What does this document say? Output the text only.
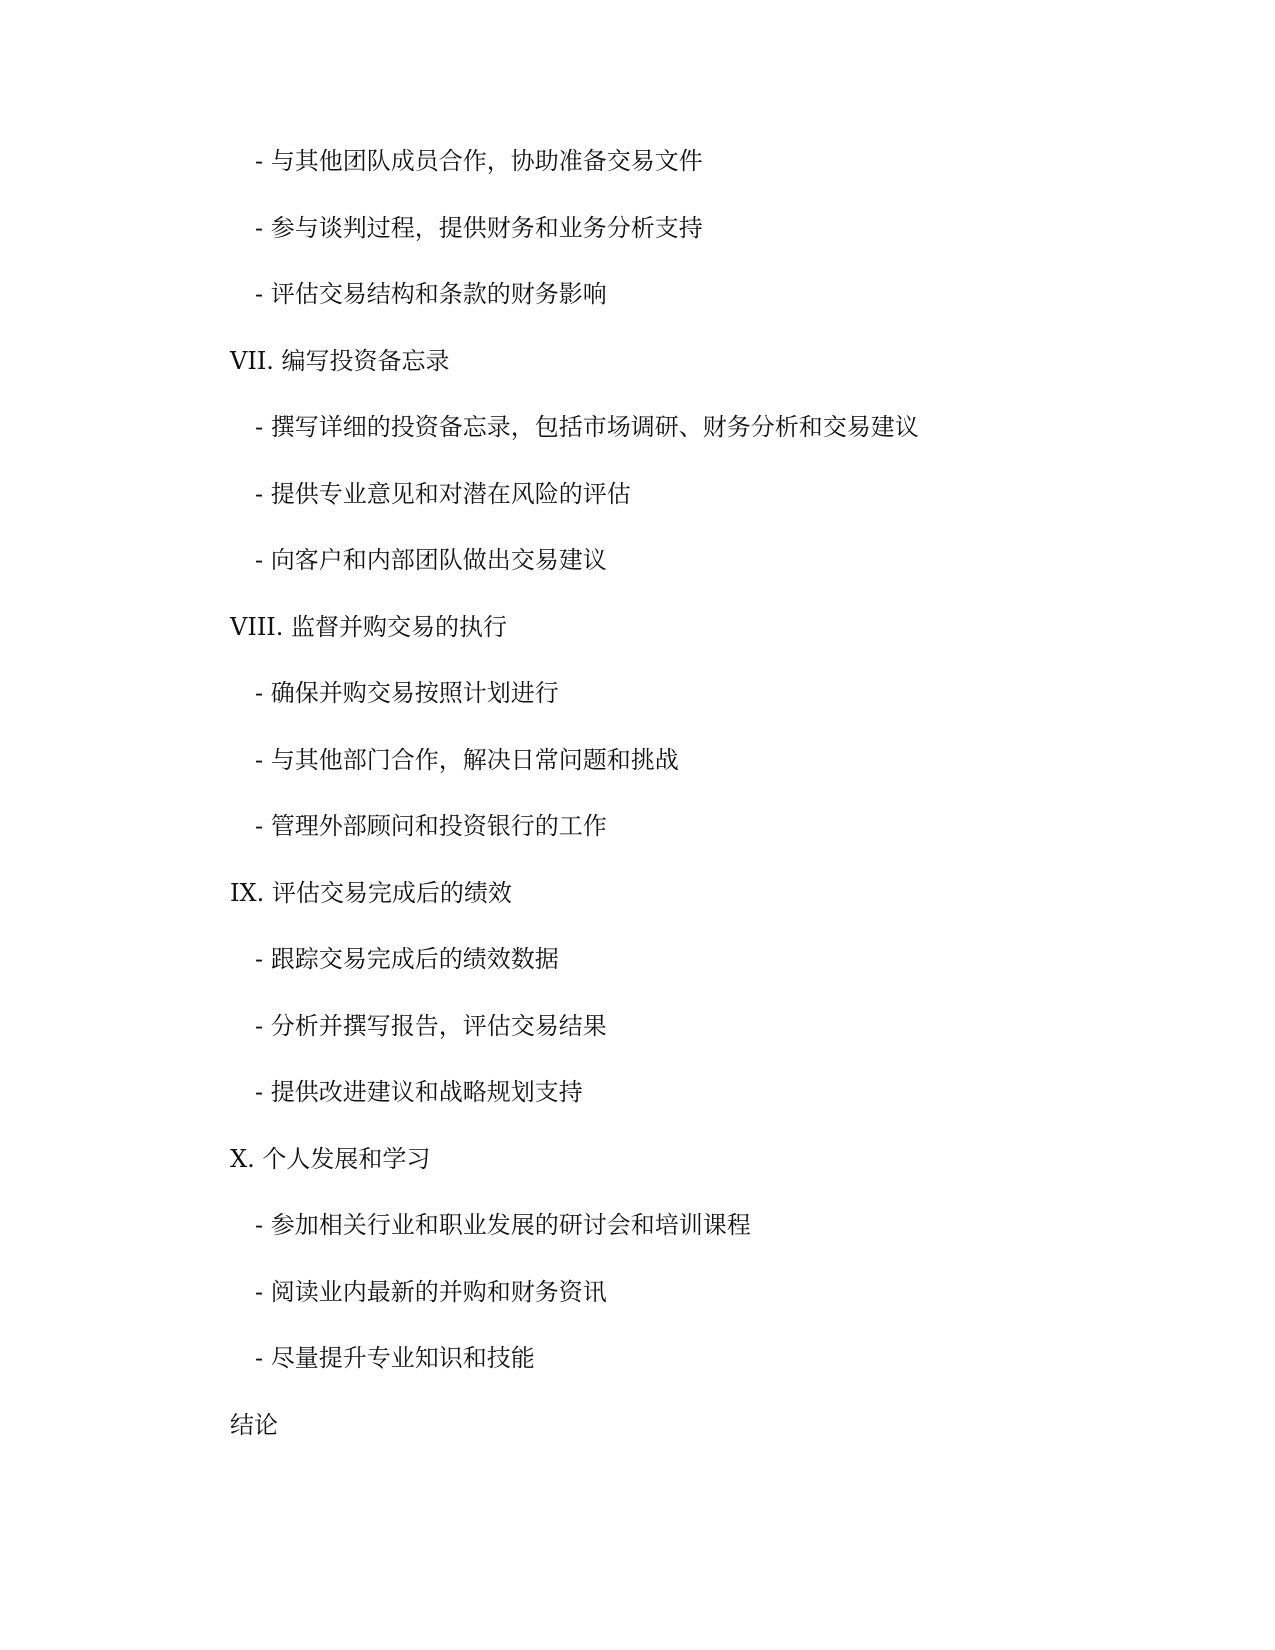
- 与其他团队成员合作，协助准备交易文件
- 参与谈判过程，提供财务和业务分析支持
- 评估交易结构和条款的财务影响
VII. 编写投资备忘录
- 撰写详细的投资备忘录，包括市场调研、财务分析和交易建议
- 提供专业意见和对潜在风险的评估
- 向客户和内部团队做出交易建议
VIII. 监督并购交易的执行
- 确保并购交易按照计划进行
- 与其他部门合作，解决日常问题和挑战
- 管理外部顾问和投资银行的工作
IX. 评估交易完成后的绩效
- 跟踪交易完成后的绩效数据
- 分析并撰写报告，评估交易结果
- 提供改进建议和战略规划支持
X. 个人发展和学习
- 参加相关行业和职业发展的研讨会和培训课程
- 阅读业内最新的并购和财务资讯
- 尽量提升专业知识和技能
结论
